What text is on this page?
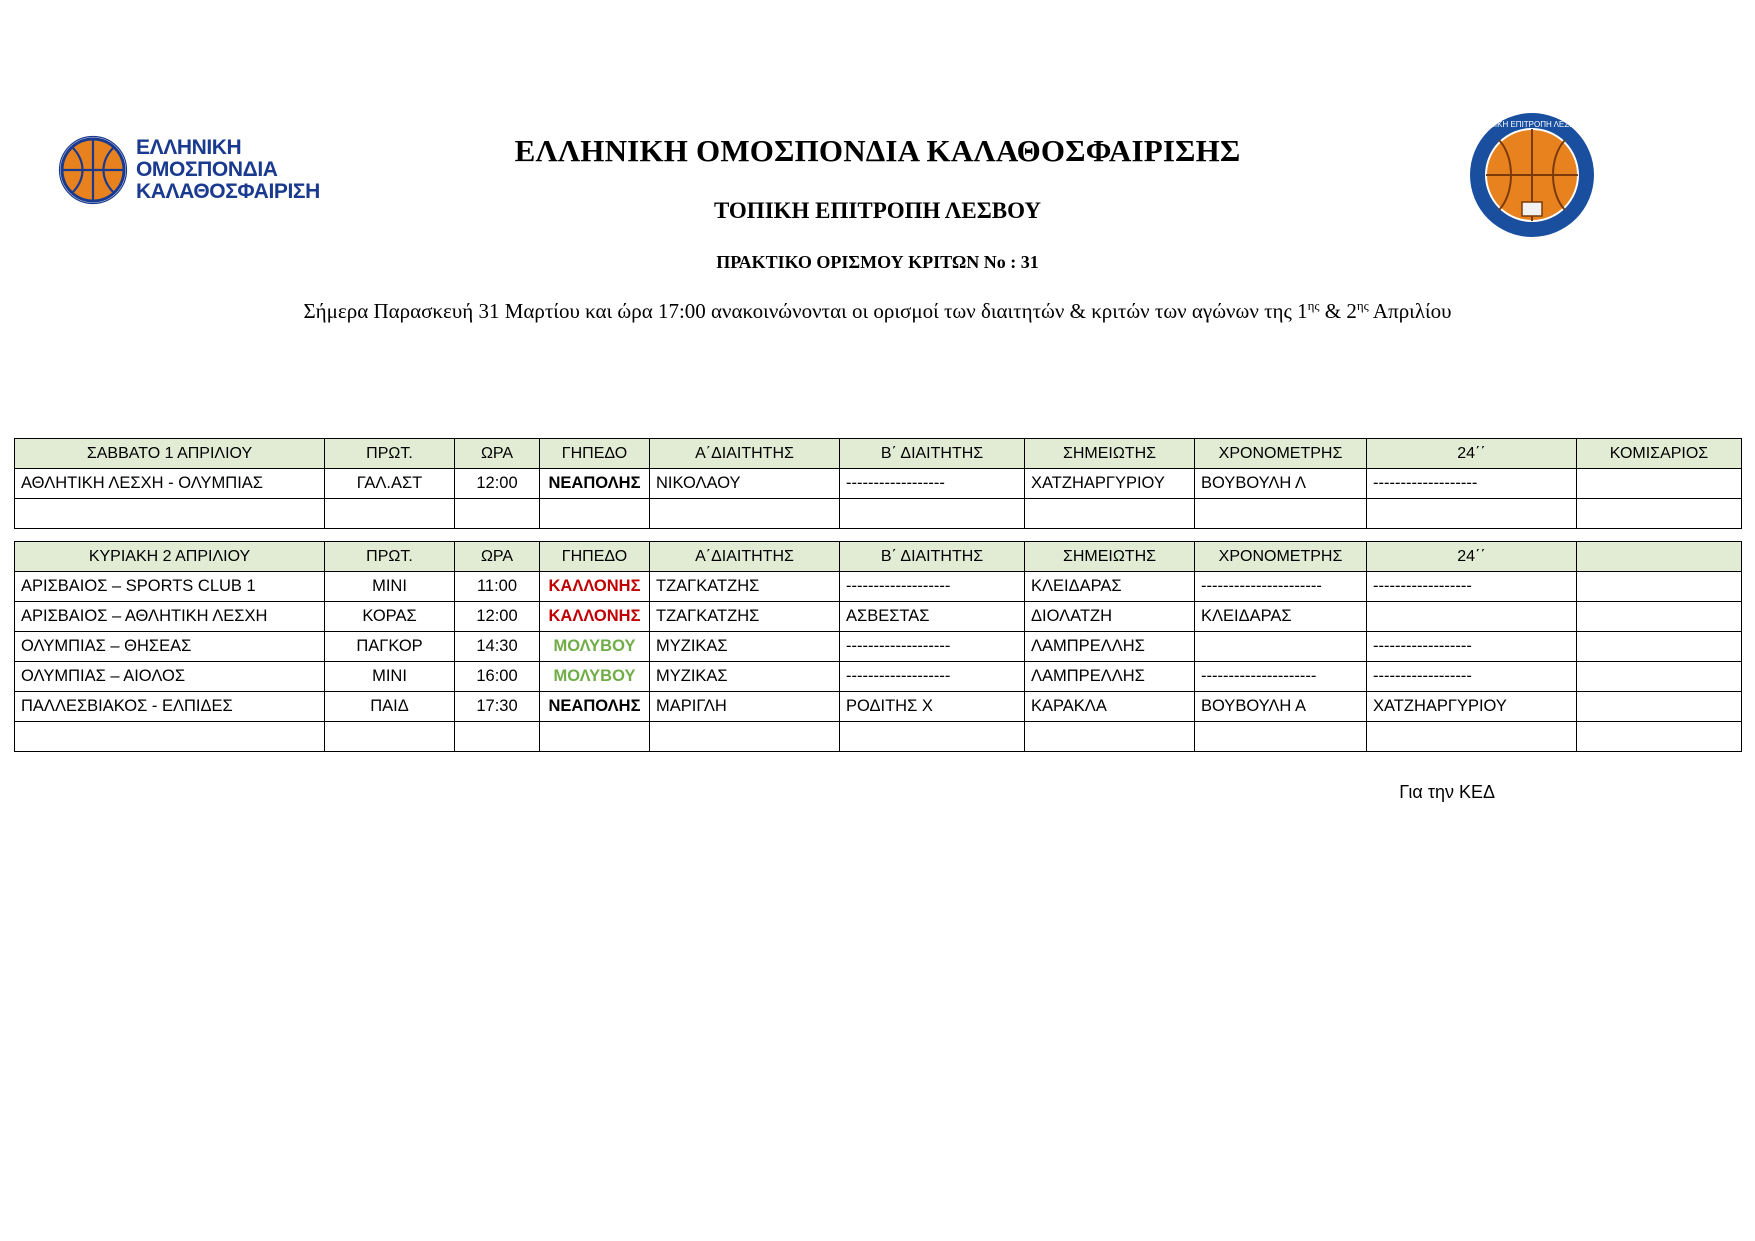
ΕΛΛΗΝΙΚΗ
ΟΜΟΣΠΟΝΔΙΑ
ΚΑΛΑΘΟΣΦΑΙΡΙΣΗ
ΤΟΠΙΚΗ ΕΠΙΤΡΟΠΗ ΛΕΣΒΟΥ
ΕΛΛΗΝΙΚΗ ΟΜΟΣΠΟΝΔΙΑ ΚΑΛΑΘΟΣΦΑΙΡΙΣΗΣ
ΤΟΠΙΚΗ ΕΠΙΤΡΟΠΗ ΛΕΣΒΟΥ
ΠΡΑΚΤΙΚΟ ΟΡΙΣΜΟΥ ΚΡΙΤΩΝ Νο : 31
Σήμερα Παρασκευή 31 Μαρτίου και ώρα 17:00 ανακοινώνονται οι ορισμοί των διαιτητών & κριτών των αγώνων της $1^{\eta\varsigma}$ & $2^{\eta\varsigma}$ Απριλίου
ΣΑΒΒΑΤΟ 1 ΑΠΡΙΛΙΟΥ	ΠΡΩΤ.	ΩΡΑ	ΓΗΠΕΔΟ	Α΄ΔΙΑΙΤΗΤΗΣ	Β΄ ΔΙΑΙΤΗΤΗΣ	ΣΗΜΕΙΩΤΗΣ	ΧΡΟΝΟΜΕΤΡΗΣ	24΄΄	ΚΟΜΙΣΑΡΙΟΣ
ΑΘΛΗΤΙΚΗ ΛΕΣΧΗ - ΟΛΥΜΠΙΑΣ	ΓΑΛ.ΑΣΤ	12:00	ΝΕΑΠΟΛΗΣ	ΝΙΚΟΛΑΟΥ	------------------	ΧΑΤΖΗΑΡΓΥΡΙΟΥ	ΒΟΥΒΟΥΛΗ Λ	-------------------	

ΚΥΡΙΑΚΗ 2 ΑΠΡΙΛΙΟΥ	ΠΡΩΤ.	ΩΡΑ	ΓΗΠΕΔΟ	Α΄ΔΙΑΙΤΗΤΗΣ	Β΄ ΔΙΑΙΤΗΤΗΣ	ΣΗΜΕΙΩΤΗΣ	ΧΡΟΝΟΜΕΤΡΗΣ	24΄΄	
ΑΡΙΣΒΑΙΟΣ – SPORTS CLUB 1	ΜΙΝΙ	11:00	ΚΑΛΛΟΝΗΣ	ΤΖΑΓΚΑΤΖΗΣ	-------------------	ΚΛΕΙΔΑΡΑΣ	----------------------	------------------	
ΑΡΙΣΒΑΙΟΣ – ΑΘΛΗΤΙΚΗ ΛΕΣΧΗ	ΚΟΡΑΣ	12:00	ΚΑΛΛΟΝΗΣ	ΤΖΑΓΚΑΤΖΗΣ	ΑΣΒΕΣΤΑΣ	ΔΙΟΛΑΤΖΗ	ΚΛΕΙΔΑΡΑΣ		
ΟΛΥΜΠΙΑΣ – ΘΗΣΕΑΣ	ΠΑΓΚΟΡ	14:30	ΜΟΛΥΒΟΥ	ΜΥΖΙΚΑΣ	-------------------	ΛΑΜΠΡΕΛΛΗΣ		------------------	
ΟΛΥΜΠΙΑΣ – ΑΙΟΛΟΣ	ΜΙΝΙ	16:00	ΜΟΛΥΒΟΥ	ΜΥΖΙΚΑΣ	-------------------	ΛΑΜΠΡΕΛΛΗΣ	---------------------	------------------	
ΠΑΛΛΕΣΒΙΑΚΟΣ - ΕΛΠΙΔΕΣ	ΠΑΙΔ	17:30	ΝΕΑΠΟΛΗΣ	ΜΑΡΙΓΛΗ	ΡΟΔΙΤΗΣ Χ	ΚΑΡΑΚΛΑ	ΒΟΥΒΟΥΛΗ Α	ΧΑΤΖΗΑΡΓΥΡΙΟΥ	

Για την ΚΕΔ
